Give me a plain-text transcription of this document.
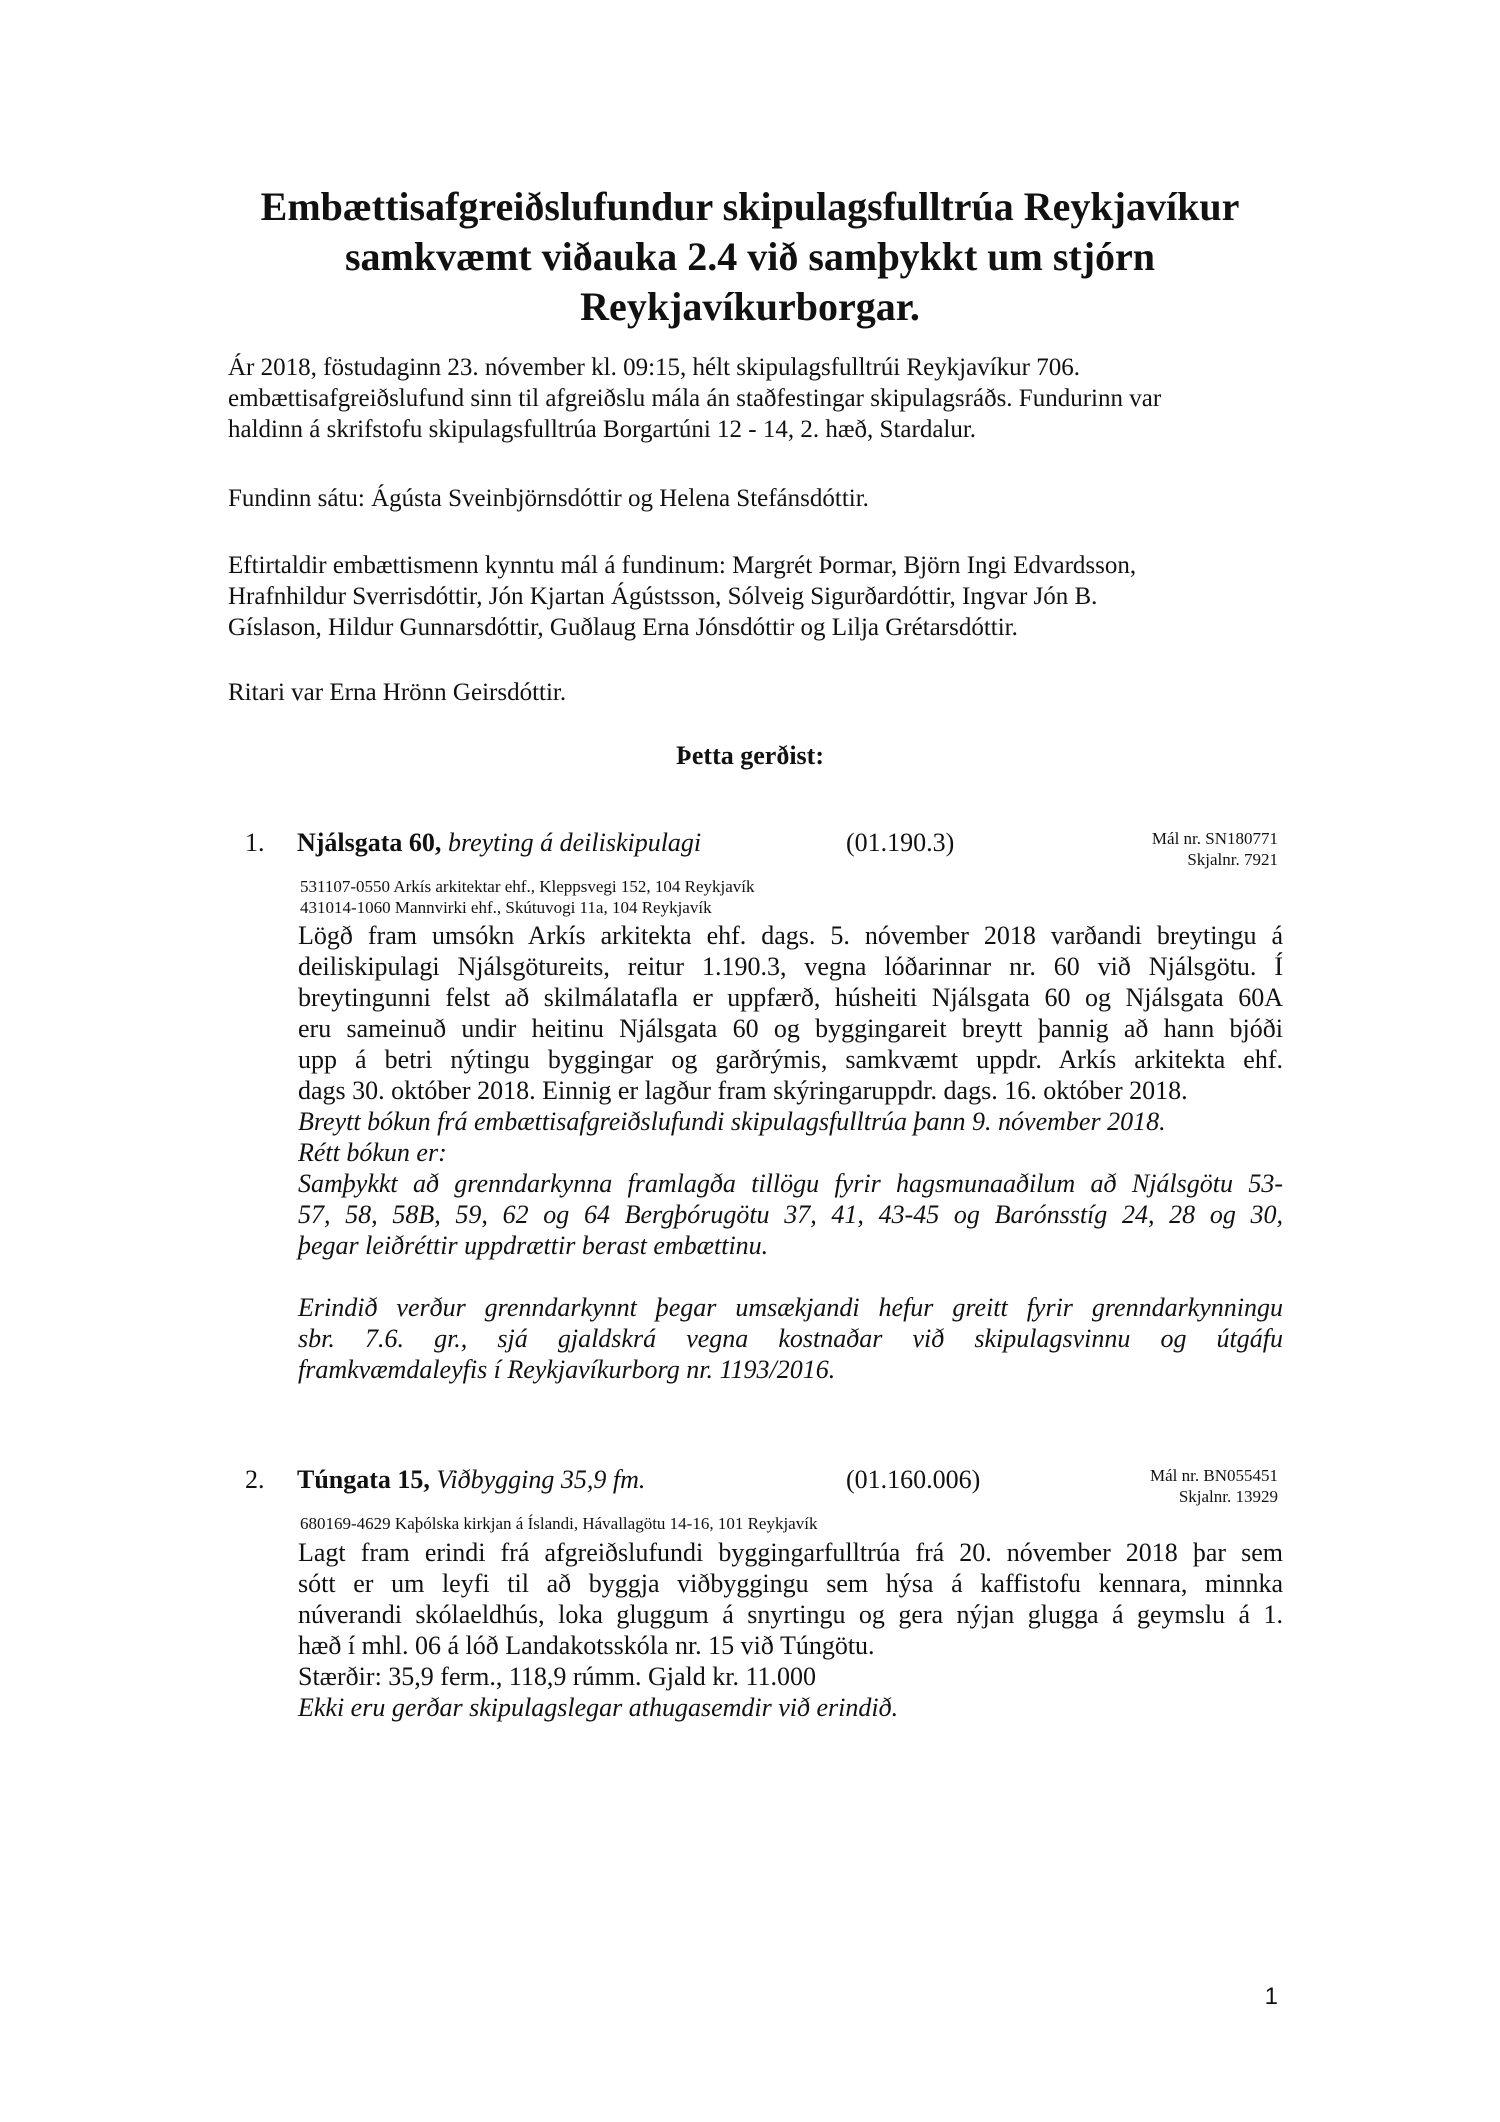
Embættisafgreiðslufundur skipulagsfulltrúa Reykjavíkur
samkvæmt viðauka 2.4 við samþykkt um stjórn
Reykjavíkurborgar.
Ár 2018, föstudaginn 23. nóvember kl. 09:15, hélt skipulagsfulltrúi Reykjavíkur 706.
embættisafgreiðslufund sinn til afgreiðslu mála án staðfestingar skipulagsráðs. Fundurinn var
haldinn á skrifstofu skipulagsfulltrúa Borgartúni 12 - 14, 2. hæð, Stardalur.
Fundinn sátu: Ágústa Sveinbjörnsdóttir og Helena Stefánsdóttir.
Eftirtaldir embættismenn kynntu mál á fundinum: Margrét Þormar, Björn Ingi Edvardsson,
Hrafnhildur Sverrisdóttir, Jón Kjartan Ágústsson, Sólveig Sigurðardóttir, Ingvar Jón B.
Gíslason, Hildur Gunnarsdóttir, Guðlaug Erna Jónsdóttir og Lilja Grétarsdóttir.
Ritari var Erna Hrönn Geirsdóttir.
Þetta gerðist:
1. Njálsgata 60, breyting á deiliskipulagi	(01.190.3)	Mál nr. SN180771
Skjalnr. 7921
531107-0550 Arkís arkitektar ehf., Kleppsvegi 152, 104 Reykjavík
431014-1060 Mannvirki ehf., Skútuvogi 11a, 104 Reykjavík
Lögð fram umsókn Arkís arkitekta ehf. dags. 5. nóvember 2018 varðandi breytingu á
deiliskipulagi Njálsgötureits, reitur 1.190.3, vegna lóðarinnar nr. 60 við Njálsgötu. Í
breytingunni felst að skilmálatafla er uppfærð, húsheiti Njálsgata 60 og Njálsgata 60A
eru sameinuð undir heitinu Njálsgata 60 og byggingareit breytt þannig að hann bjóði
upp á betri nýtingu byggingar og garðrýmis, samkvæmt uppdr. Arkís arkitekta ehf.
dags 30. október 2018. Einnig er lagður fram skýringaruppdr. dags. 16. október 2018.
Breytt bókun frá embættisafgreiðslufundi skipulagsfulltrúa þann 9. nóvember 2018.
Rétt bókun er:
Samþykkt að grenndarkynna framlagða tillögu fyrir hagsmunaaðilum að Njálsgötu 53-
57, 58, 58B, 59, 62 og 64 Bergþórugötu 37, 41, 43-45 og Barónsstíg 24, 28 og 30,
þegar leiðréttir uppdrættir berast embættinu.
Erindið verður grenndarkynnt þegar umsækjandi hefur greitt fyrir grenndarkynningu
sbr. 7.6. gr., sjá gjaldskrá vegna kostnaðar við skipulagsvinnu og útgáfu
framkvæmdaleyfis í Reykjavíkurborg nr. 1193/2016.
2. Túngata 15, Viðbygging 35,9 fm.	(01.160.006)	Mál nr. BN055451
Skjalnr. 13929
680169-4629 Kaþólska kirkjan á Íslandi, Hávallagötu 14-16, 101 Reykjavík
Lagt fram erindi frá afgreiðslufundi byggingarfulltrúa frá 20. nóvember 2018 þar sem
sótt er um leyfi til að byggja viðbyggingu sem hýsa á kaffistofu kennara, minnka
núverandi skólaeldhús, loka gluggum á snyrtingu og gera nýjan glugga á geymslu á 1.
hæð í mhl. 06 á lóð Landakotsskóla nr. 15 við Túngötu.
Stærðir: 35,9 ferm., 118,9 rúmm. Gjald kr. 11.000
Ekki eru gerðar skipulagslegar athugasemdir við erindið.
1
